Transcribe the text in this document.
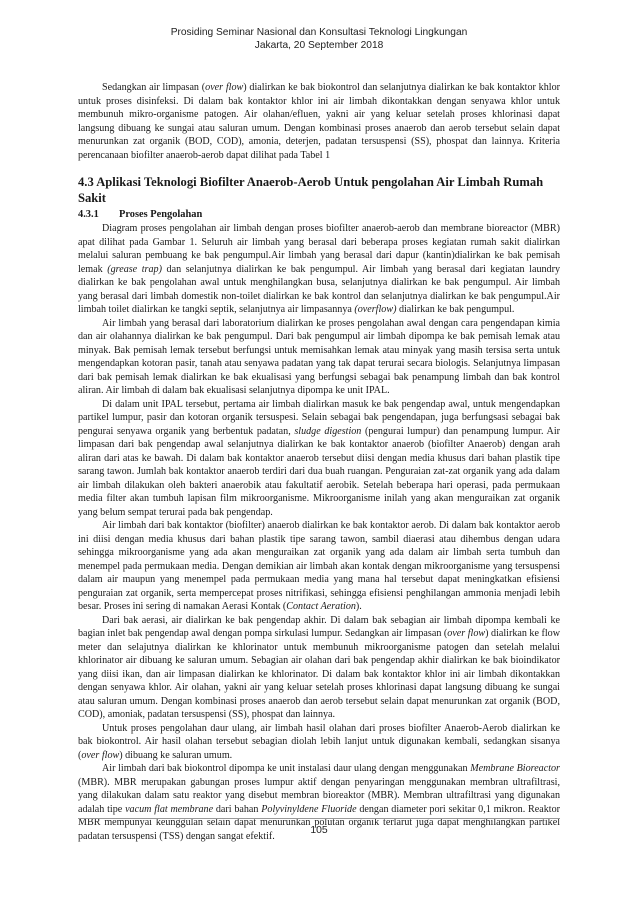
Prosiding Seminar Nasional dan Konsultasi Teknologi Lingkungan
Jakarta, 20 September 2018

Sedangkan air limpasan (over flow) dialirkan ke bak biokontrol dan selanjutnya dialirkan ke bak kontaktor khlor untuk proses disinfeksi. Di dalam bak kontaktor khlor ini air limbah dikontakkan dengan senyawa khlor untuk membunuh mikro-organisme patogen. Air olahan/efluen, yakni air yang keluar setelah proses khlorinasi dapat langsung dibuang ke sungai atau saluran umum. Dengan kombinasi proses anaerob dan aerob tersebut selain dapat menurunkan zat organik (BOD, COD), amonia, deterjen, padatan tersuspensi (SS), phospat dan lainnya. Kriteria perencanaan biofilter anaerob-aerob dapat dilihat pada Tabel 1

4.3 Aplikasi Teknologi Biofilter Anaerob-Aerob Untuk pengolahan Air Limbah Rumah Sakit
4.3.1 Proses Pengolahan

Diagram proses pengolahan air limbah dengan proses biofilter anaerob-aerob dan membrane bioreactor (MBR) apat dilihat pada Gambar 1. Seluruh air limbah yang berasal dari beberapa proses kegiatan rumah sakit dialirkan melalui saluran pembuang ke bak pengumpul.Air limbah yang berasal dari dapur (kantin)dialirkan ke bak pemisah lemak (grease trap) dan selanjutnya dialirkan ke bak pengumpul. Air limbah yang berasal dari kegiatan laundry dialirkan ke bak pengolahan awal untuk menghilangkan busa, selanjutnya dialirkan ke bak pengumpul. Air limbah yang berasal dari limbah domestik non-toilet dialirkan ke bak kontrol dan selanjutnya dialirkan ke bak pengumpul.Air limbah toilet dialirkan ke tangki septik, selanjutnya air limpasannya (overflow) dialirkan ke bak pengumpul.

Air limbah yang berasal dari laboratorium dialirkan ke proses pengolahan awal dengan cara pengendapan kimia dan air olahannya dialirkan ke bak pengumpul. Dari bak pengumpul air limbah dipompa ke bak pemisah lemak atau minyak. Bak pemisah lemak tersebut berfungsi untuk memisahkan lemak atau minyak yang masih tersisa serta untuk mengendapkan kotoran pasir, tanah atau senyawa padatan yang tak dapat terurai secara biologis. Selanjutnya limpasan dari bak pemisah lemak dialirkan ke bak ekualisasi yang berfungsi sebagai bak penampung limbah dan bak kontrol aliran. Air limbah di dalam bak ekualisasi selanjutnya dipompa ke unit IPAL.

Di dalam unit IPAL tersebut, pertama air limbah dialirkan masuk ke bak pengendap awal, untuk mengendapkan partikel lumpur, pasir dan kotoran organik tersuspesi. Selain sebagai bak pengendapan, juga berfungsasi sebagai bak pengurai senyawa organik yang berbentuk padatan, sludge digestion (pengurai lumpur) dan penampung lumpur. Air limpasan dari bak pengendap awal selanjutnya dialirkan ke bak kontaktor anaerob (biofilter Anaerob) dengan arah aliran dari atas ke bawah. Di dalam bak kontaktor anaerob tersebut diisi dengan media khusus dari bahan plastik tipe sarang tawon. Jumlah bak kontaktor anaerob terdiri dari dua buah ruangan. Penguraian zat-zat organik yang ada dalam air limbah dilakukan oleh bakteri anaerobik atau fakultatif aerobik. Setelah beberapa hari operasi, pada permukaan media filter akan tumbuh lapisan film mikroorganisme. Mikroorganisme inilah yang akan menguraikan zat organik yang belum sempat terurai pada bak pengendap.

Air limbah dari bak kontaktor (biofilter) anaerob dialirkan ke bak kontaktor aerob. Di dalam bak kontaktor aerob ini diisi dengan media khusus dari bahan plastik tipe sarang tawon, sambil diaerasi atau dihembus dengan udara sehingga mikroorganisme yang ada akan menguraikan zat organik yang ada dalam air limbah serta tumbuh dan menempel pada permukaan media. Dengan demikian air limbah akan kontak dengan mikroorganisme yang tersuspensi dalam air maupun yang menempel pada permukaan media yang mana hal tersebut dapat meningkatkan efisiensi penguraian zat organik, serta mempercepat proses nitrifikasi, sehingga efisiensi penghilangan ammonia menjadi lebih besar. Proses ini sering di namakan Aerasi Kontak (Contact Aeration).

Dari bak aerasi, air dialirkan ke bak pengendap akhir. Di dalam bak sebagian air limbah dipompa kembali ke bagian inlet bak pengendap awal dengan pompa sirkulasi lumpur. Sedangkan air limpasan (over flow) dialirkan ke flow meter dan selajutnya dialirkan ke khlorinator untuk membunuh mikroorganisme patogen dan setelah melalui khlorinator air dibuang ke saluran umum. Sebagian air olahan dari bak pengendap akhir dialirkan ke bak bioindikator yang diisi ikan, dan air limpasan dialirkan ke khlorinator. Di dalam bak kontaktor khlor ini air limbah dikontakkan dengan senyawa khlor. Air olahan, yakni air yang keluar setelah proses khlorinasi dapat langsung dibuang ke sungai atau saluran umum. Dengan kombinasi proses anaerob dan aerob tersebut selain dapat menurunkan zat organik (BOD, COD), amoniak, padatan tersuspensi (SS), phospat dan lainnya.

Untuk proses pengolahan daur ulang, air limbah hasil olahan dari proses biofilter Anaerob-Aerob dialirkan ke bak biokontrol. Air hasil olahan tersebut sebagian diolah lebih lanjut untuk digunakan kembali, sedangkan sisanya (over flow) dibuang ke saluran umum.

Air limbah dari bak biokontrol dipompa ke unit instalasi daur ulang dengan menggunakan Membrane Bioreactor (MBR). MBR merupakan gabungan proses lumpur aktif dengan penyaringan menggunakan membran ultrafiltrasi, yang dilakukan dalam satu reaktor yang disebut membran bioreaktor (MBR). Membran ultrafiltrasi yang digunakan adalah tipe vacum flat membrane dari bahan Polyvinyldene Fluoride dengan diameter pori sekitar 0,1 mikron. Reaktor MBR mempunyai keunggulan selain dapat menurunkan polutan organik terlarut juga dapat menghilangkan partikel padatan tersuspensi (TSS) dengan sangat efektif.	105
